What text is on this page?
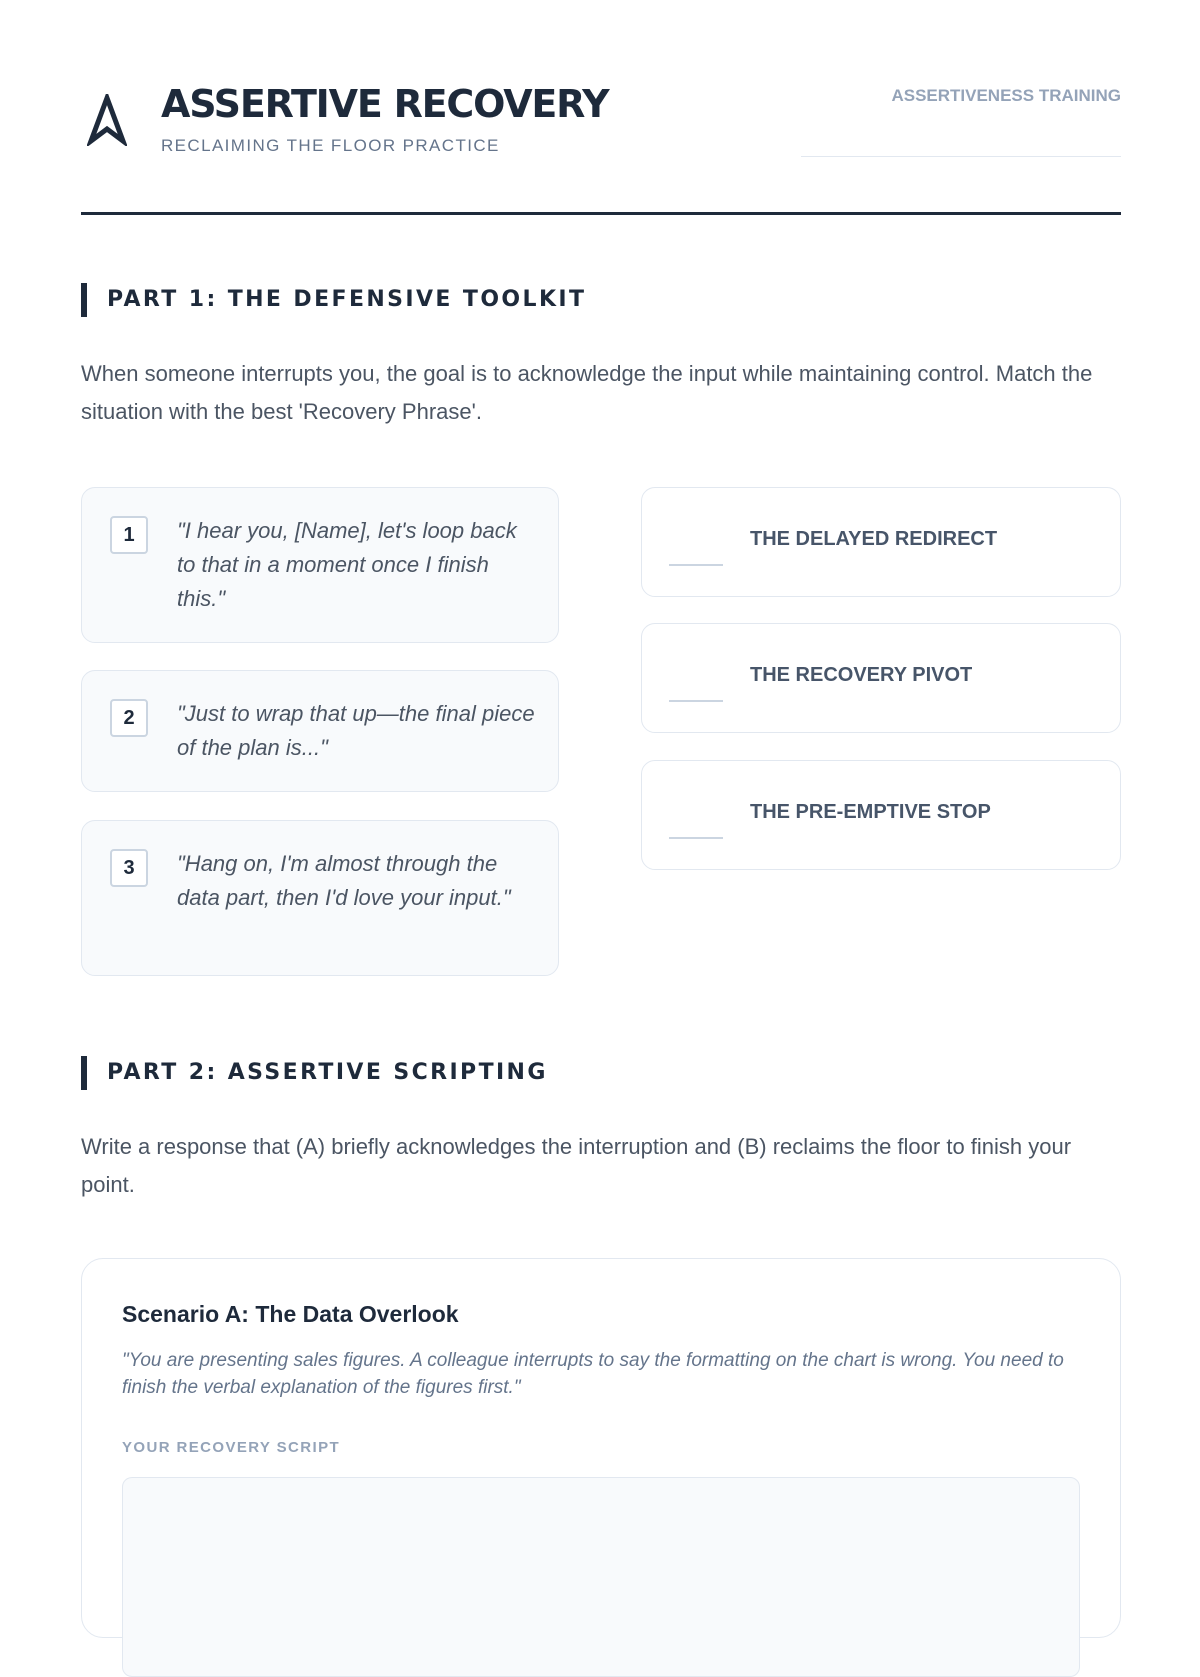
ASSERTIVE RECOVERY
RECLAIMING THE FLOOR PRACTICE
ASSERTIVENESS TRAINING
PART 1: THE DEFENSIVE TOOLKIT

When someone interrupts you, the goal is to acknowledge the input while maintaining control. Match the situation with the best 'Recovery Phrase'.

1	"I hear you, [Name], let's loop back to that in a moment once I finish this."
2	"Just to wrap that up—the final piece of the plan is..."
3	"Hang on, I'm almost through the data part, then I'd love your input."
THE DELAYED REDIRECT
THE RECOVERY PIVOT
THE PRE-EMPTIVE STOP
PART 2: ASSERTIVE SCRIPTING

Write a response that (A) briefly acknowledges the interruption and (B) reclaims the floor to finish your point.

Scenario A: The Data Overlook

"You are presenting sales figures. A colleague interrupts to say the formatting on the chart is wrong. You need to finish the verbal explanation of the figures first."

YOUR RECOVERY SCRIPT
